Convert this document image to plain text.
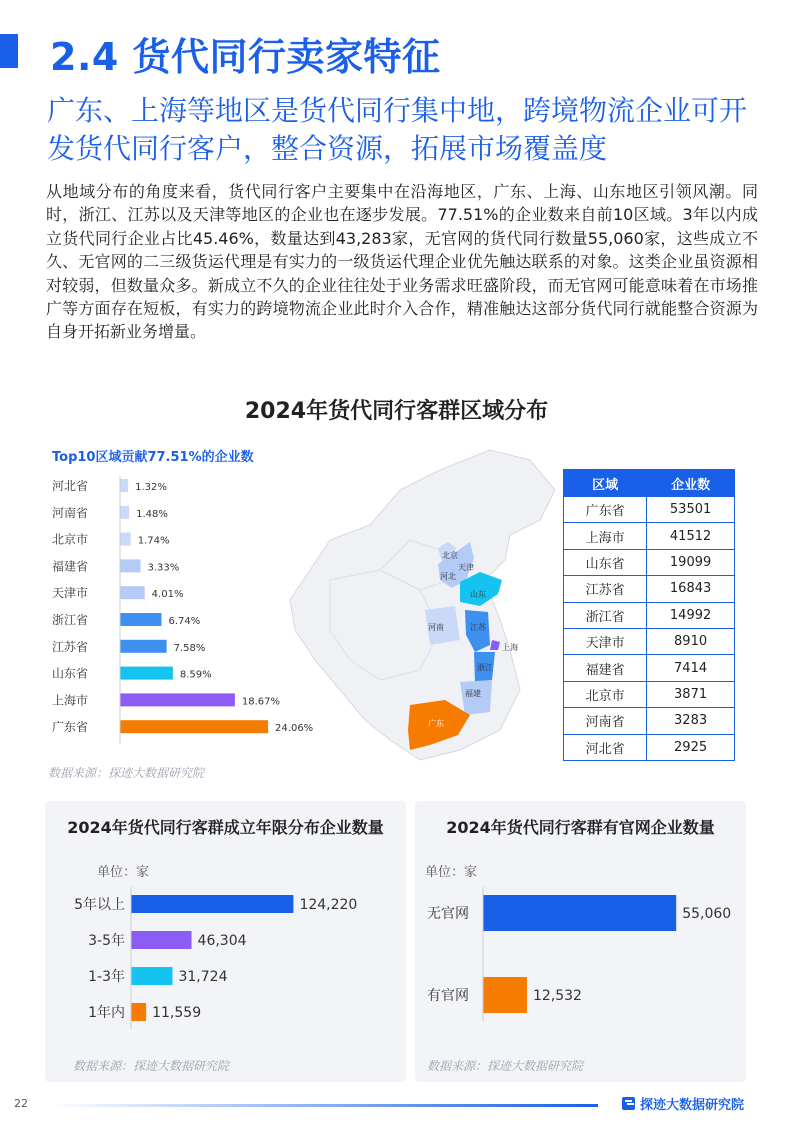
2.4 货代同行卖家特征
广东、上海等地区是货代同行集中地，跨境物流企业可开发货代同行客户，整合资源，拓展市场覆盖度
从地域分布的角度来看，货代同行客户主要集中在沿海地区，广东、上海、山东地区引领风潮。同时，浙江、江苏以及天津等地区的企业也在逐步发展。77.51%的企业数来自前10区域。3年以内成立货代同行企业占比45.46%，数量达到43,283家，无官网的货代同行数量55,060家，这些成立不久、无官网的二三级货运代理是有实力的一级货运代理企业优先触达联系的对象。这类企业虽资源相对较弱，但数量众多。新成立不久的企业往往处于业务需求旺盛阶段，而无官网可能意味着在市场推广等方面存在短板，有实力的跨境物流企业此时介入合作，精准触达这部分货代同行就能整合资源为自身开拓新业务增量。
2024年货代同行客群区域分布
Top10区域贡献77.51%的企业数
北京
天津
河北
山东
河南	江苏
上海
浙江
福建
广东
河北省	1.32%
河南省	1.48%
北京市	1.74%
福建省	3.33%
天津市	4.01%
浙江省	6.74%
江苏省	7.58%
山东省	8.59%
上海市	18.67%
广东省	24.06%
数据来源：探迹大数据研究院
区域	企业数
广东省	53501
上海市	41512
山东省	19099
江苏省	16843
浙江省	14992
天津市	8910
福建省	7414
北京市	3871
河南省	3283
河北省	2925
2024年货代同行客群成立年限分布企业数量
单位：家
5年以上	124,220
3-5年	46,304
1-3年	31,724
1年内 11,559
数据来源：探迹大数据研究院
2024年货代同行客群有官网企业数量
单位：家
无官网	55,060
有官网	12,532
数据来源：探迹大数据研究院
22	探迹大数据研究院
